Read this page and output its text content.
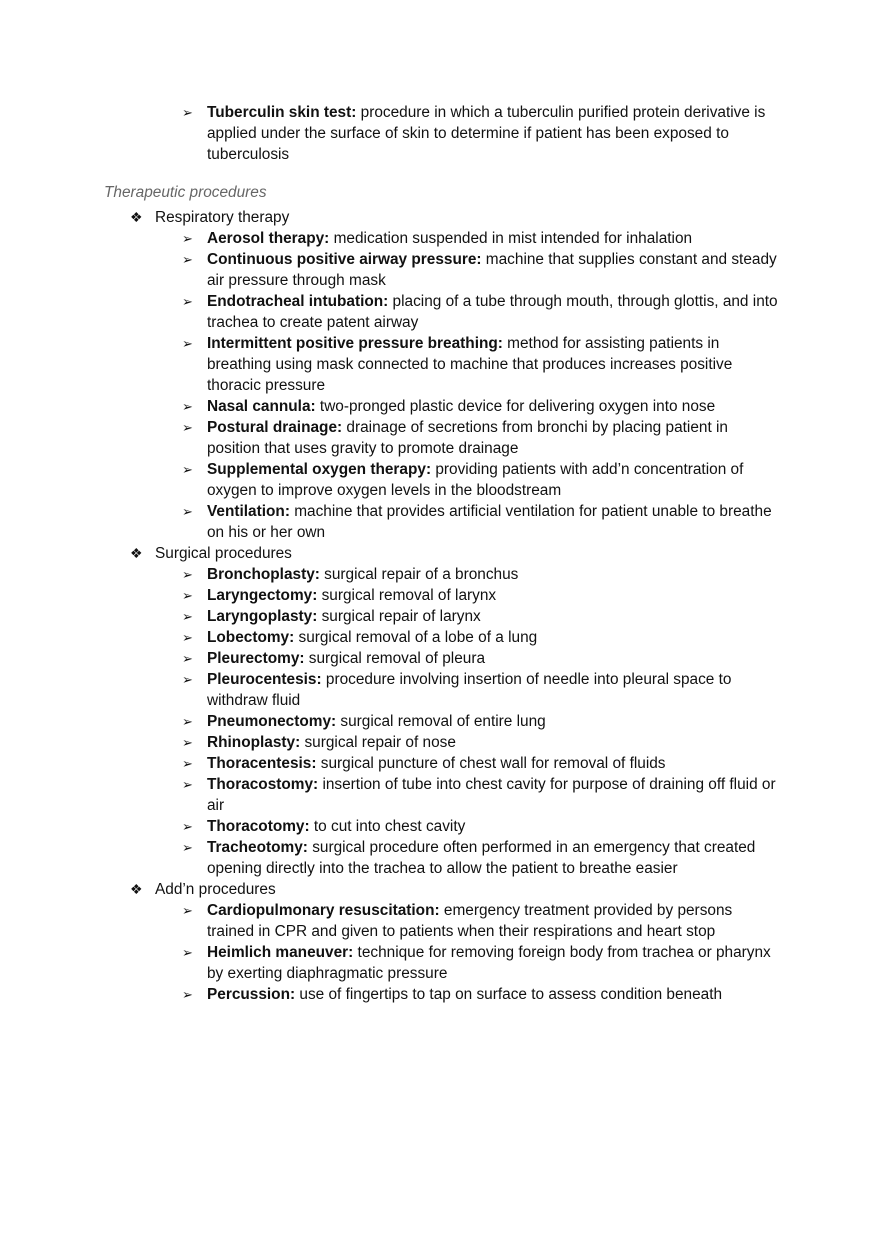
➢ Tuberculin skin test: procedure in which a tuberculin purified protein derivative is applied under the surface of skin to determine if patient has been exposed to tuberculosis
Therapeutic procedures
❖ Respiratory therapy
➢ Aerosol therapy: medication suspended in mist intended for inhalation
➢ Continuous positive airway pressure: machine that supplies constant and steady air pressure through mask
➢ Endotracheal intubation: placing of a tube through mouth, through glottis, and into trachea to create patent airway
➢ Intermittent positive pressure breathing: method for assisting patients in breathing using mask connected to machine that produces increases positive thoracic pressure
➢ Nasal cannula: two-pronged plastic device for delivering oxygen into nose
➢ Postural drainage: drainage of secretions from bronchi by placing patient in position that uses gravity to promote drainage
➢ Supplemental oxygen therapy: providing patients with add’n concentration of oxygen to improve oxygen levels in the bloodstream
➢ Ventilation: machine that provides artificial ventilation for patient unable to breathe on his or her own
❖ Surgical procedures
➢ Bronchoplasty: surgical repair of a bronchus
➢ Laryngectomy: surgical removal of larynx
➢ Laryngoplasty: surgical repair of larynx
➢ Lobectomy: surgical removal of a lobe of a lung
➢ Pleurectomy: surgical removal of pleura
➢ Pleurocentesis: procedure involving insertion of needle into pleural space to withdraw fluid
➢ Pneumonectomy: surgical removal of entire lung
➢ Rhinoplasty: surgical repair of nose
➢ Thoracentesis: surgical puncture of chest wall for removal of fluids
➢ Thoracostomy: insertion of tube into chest cavity for purpose of draining off fluid or air
➢ Thoracotomy: to cut into chest cavity
➢ Tracheotomy: surgical procedure often performed in an emergency that created opening directly into the trachea to allow the patient to breathe easier
❖ Add’n procedures
➢ Cardiopulmonary resuscitation: emergency treatment provided by persons trained in CPR and given to patients when their respirations and heart stop
➢ Heimlich maneuver: technique for removing foreign body from trachea or pharynx by exerting diaphragmatic pressure
➢ Percussion: use of fingertips to tap on surface to assess condition beneath
